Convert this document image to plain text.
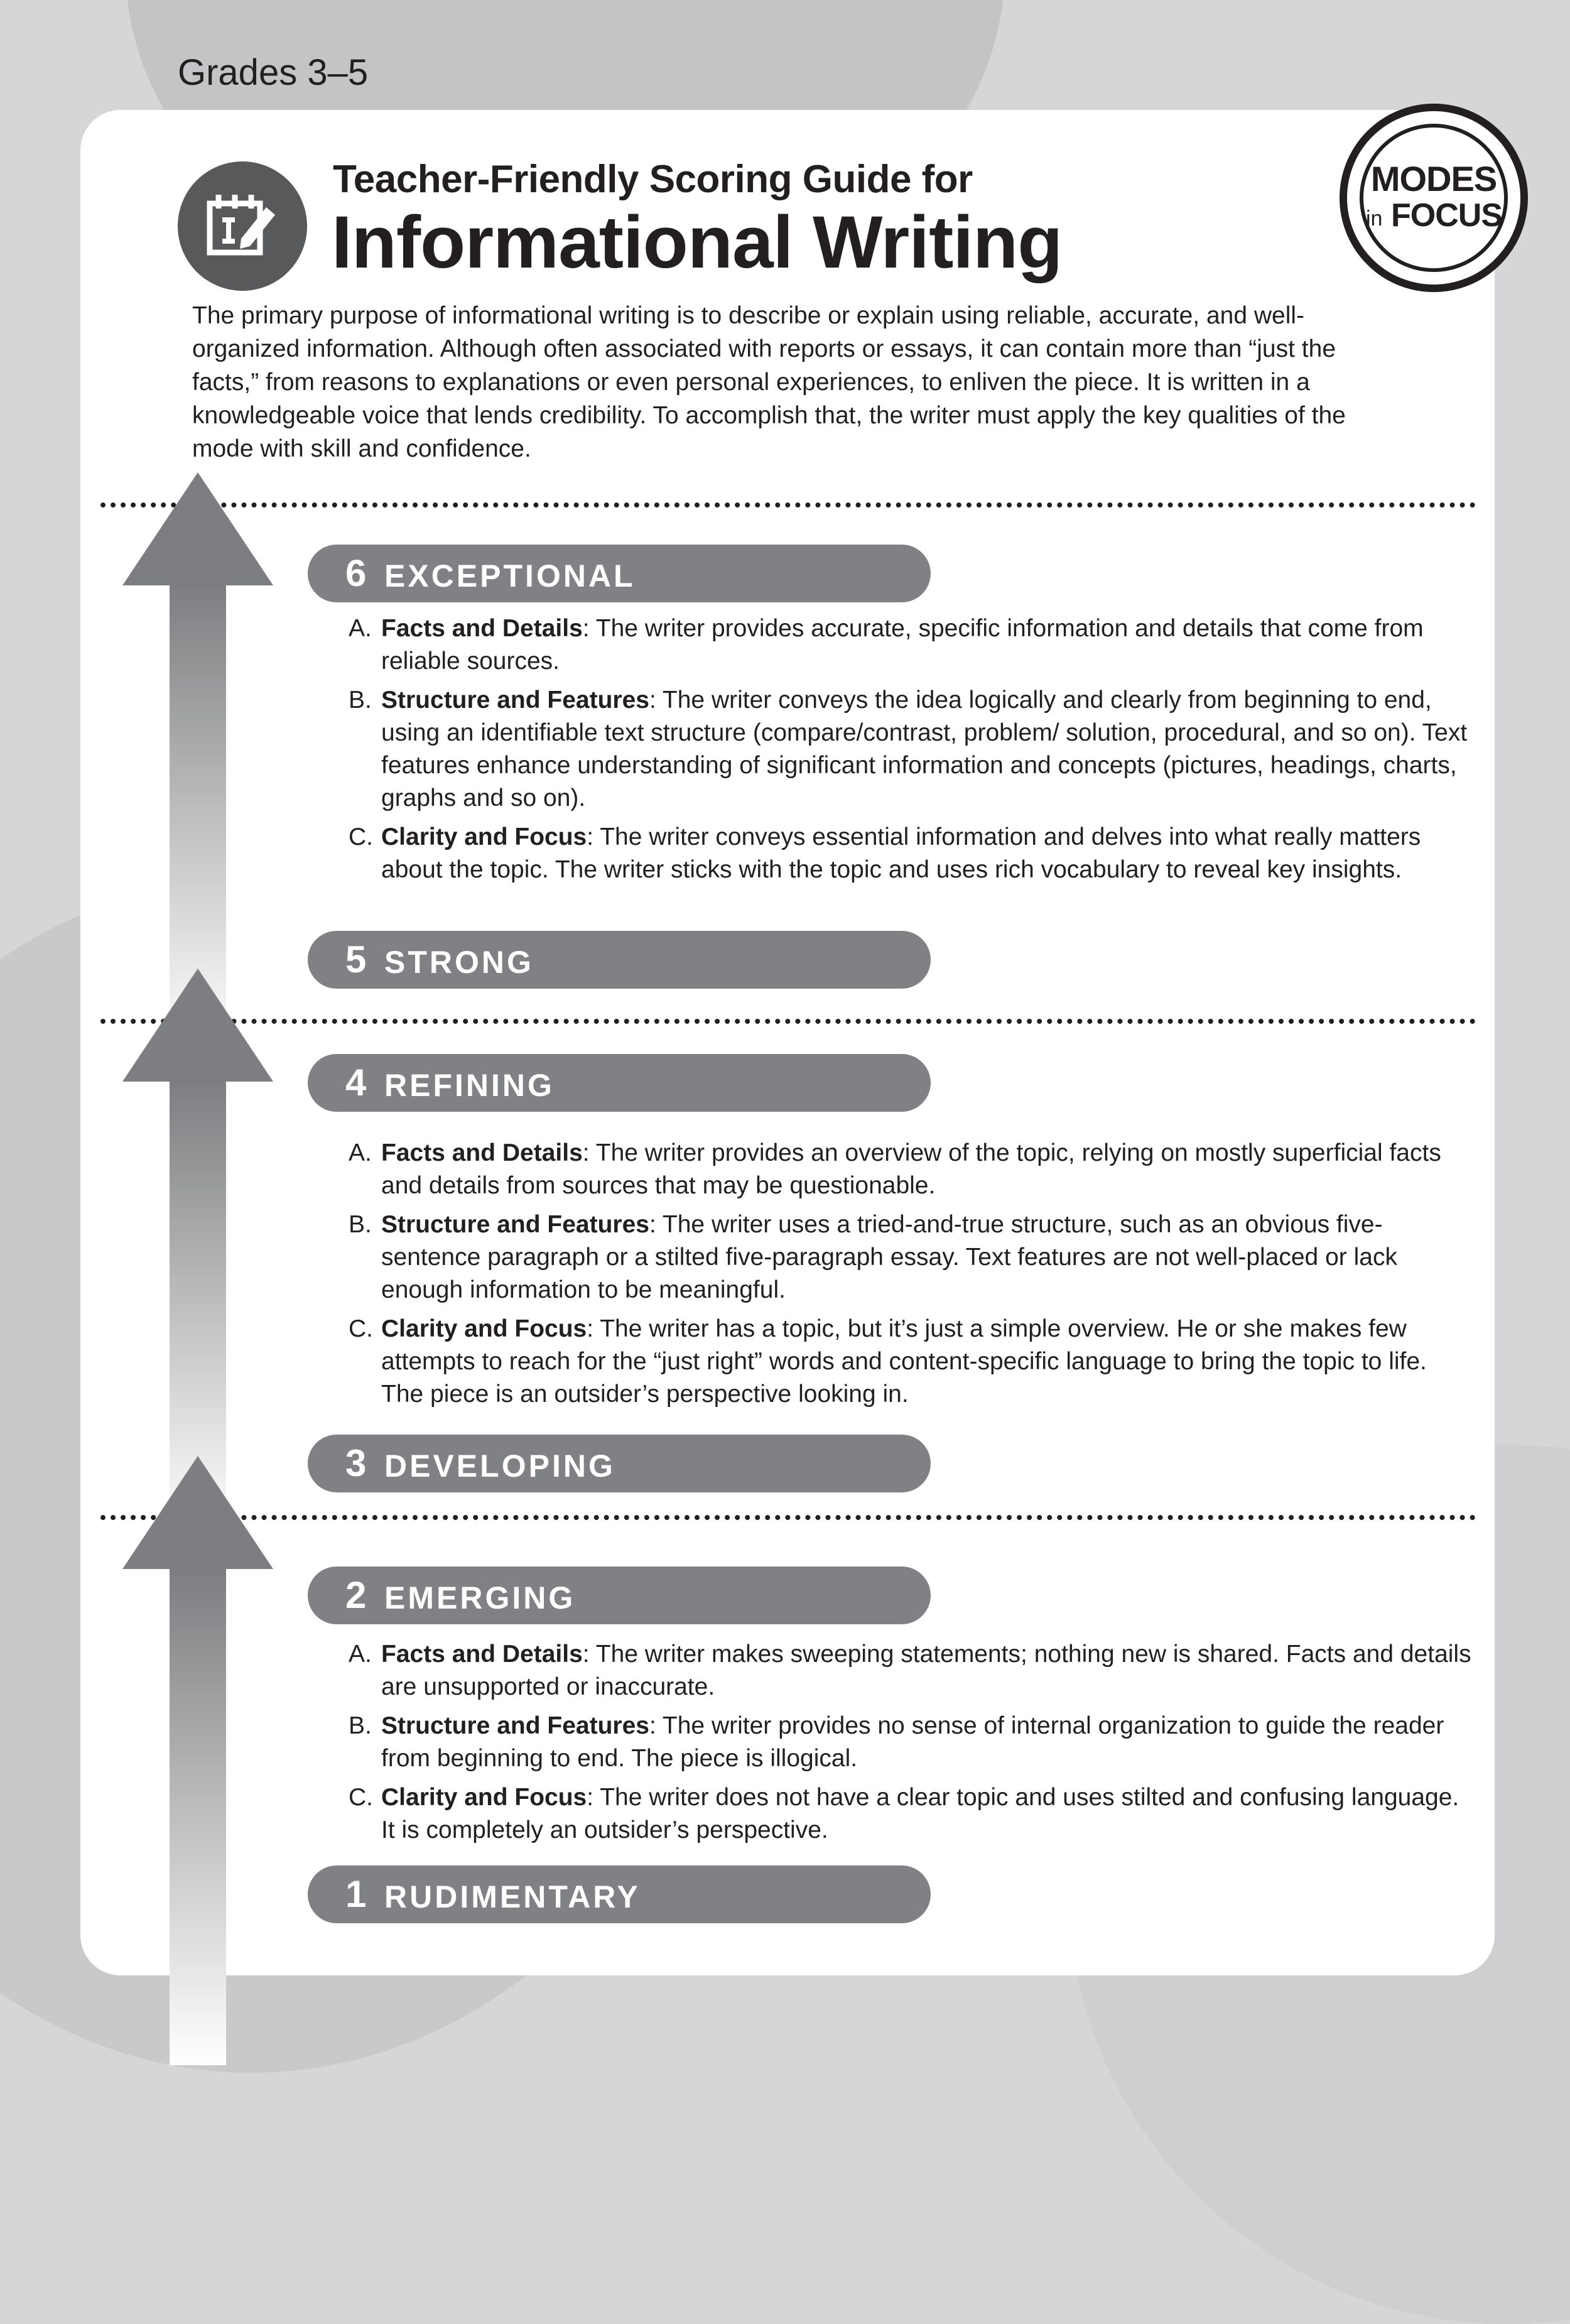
Grades 3–5
MODES
in FOCUS
Teacher-Friendly Scoring Guide for
Informational Writing
The primary purpose of informational writing is to describe or explain using reliable, accurate, and well-organized information. Although often associated with reports or essays, it can contain more than “just the facts,” from reasons to explanations or even personal experiences, to enliven the piece. It is written in a knowledgeable voice that lends credibility. To accomplish that, the writer must apply the key qualities of the mode with skill and confidence.
6 EXCEPTIONAL
5 STRONG
4 REFINING
3 DEVELOPING
2 EMERGING
1 RUDIMENTARY
A. Facts and Details: The writer provides accurate, specific information and details that come from reliable sources.
B. Structure and Features: The writer conveys the idea logically and clearly from beginning to end, using an identifiable text structure (compare/contrast, problem/ solution, procedural, and so on). Text features enhance understanding of significant information and concepts (pictures, headings, charts, graphs and so on).
C. Clarity and Focus: The writer conveys essential information and delves into what really matters about the topic. The writer sticks with the topic and uses rich vocabulary to reveal key insights.
A. Facts and Details: The writer provides an overview of the topic, relying on mostly superficial facts and details from sources that may be questionable.
B. Structure and Features: The writer uses a tried-and-true structure, such as an obvious five-sentence paragraph or a stilted five-paragraph essay. Text features are not well-placed or lack enough information to be meaningful.
C. Clarity and Focus: The writer has a topic, but it’s just a simple overview. He or she makes few attempts to reach for the “just right” words and content-specific language to bring the topic to life. The piece is an outsider’s perspective looking in.
A. Facts and Details: The writer makes sweeping statements; nothing new is shared. Facts and details are unsupported or inaccurate.
B. Structure and Features: The writer provides no sense of internal organization to guide the reader from beginning to end. The piece is illogical.
C. Clarity and Focus: The writer does not have a clear topic and uses stilted and confusing language. It is completely an outsider’s perspective.
